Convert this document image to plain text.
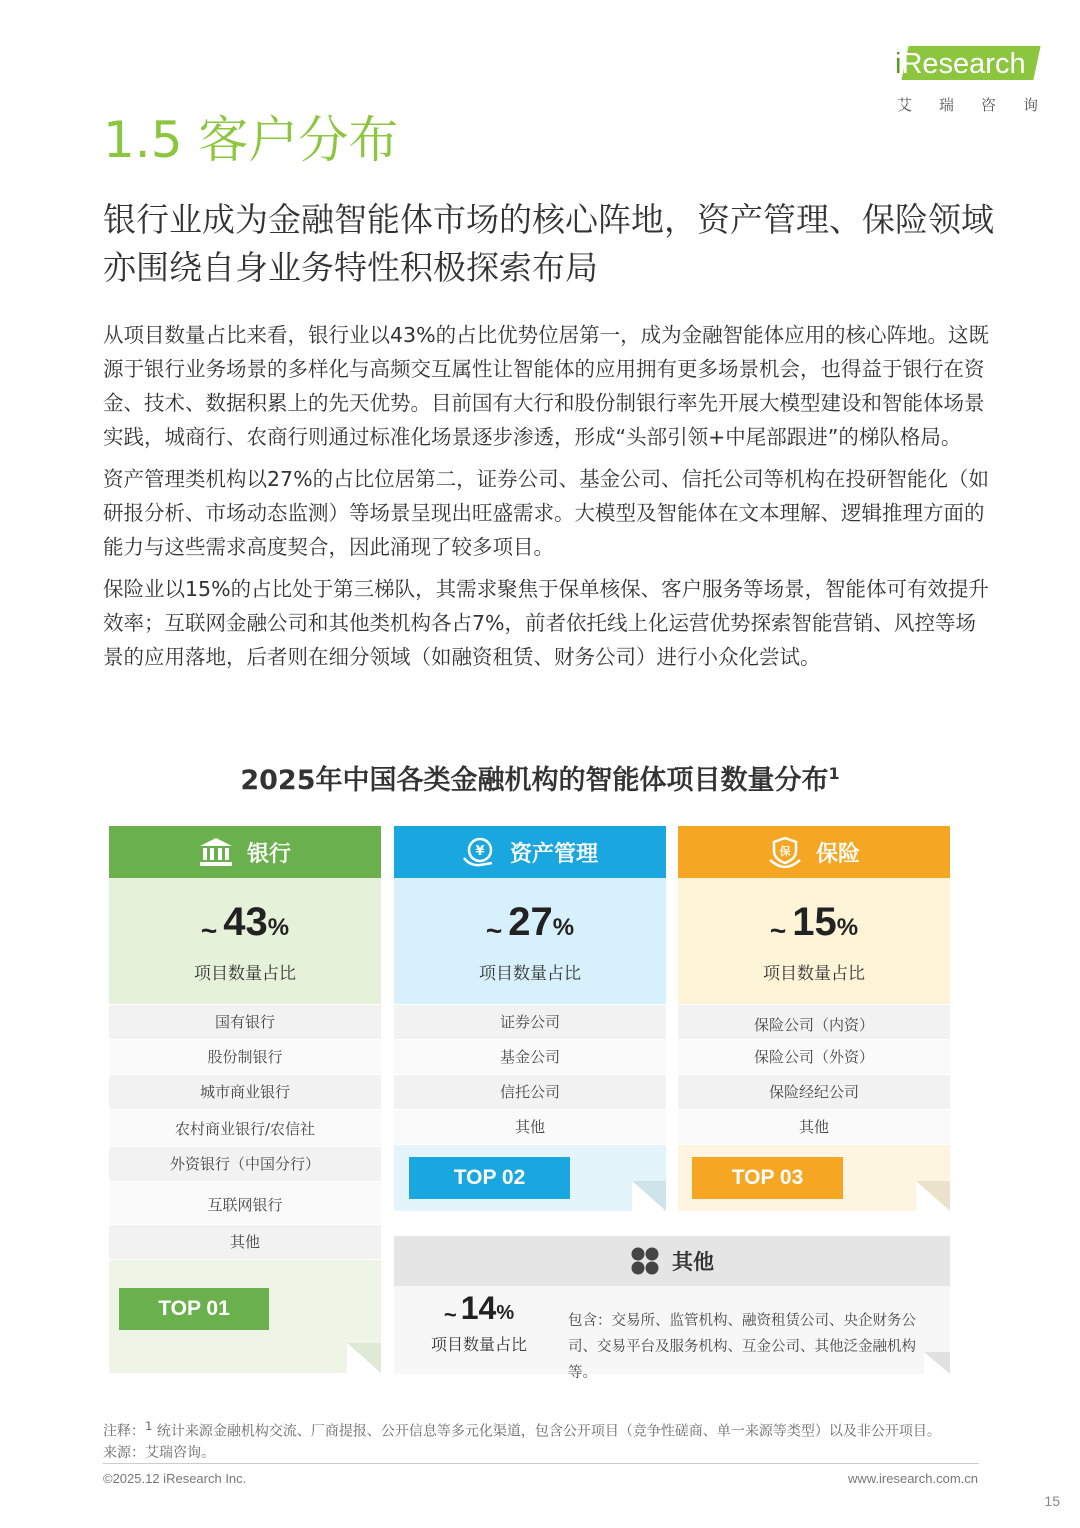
iResearch
艾瑞咨询
1.5 客户分布
银行业成为金融智能体市场的核心阵地，资产管理、保险领域亦围绕自身业务特性积极探索布局

从项目数量占比来看，银行业以43%的占比优势位居第一，成为金融智能体应用的核心阵地。这既源于银行业务场景的多样化与高频交互属性让智能体的应用拥有更多场景机会，也得益于银行在资金、技术、数据积累上的先天优势。目前国有大行和股份制银行率先开展大模型建设和智能体场景实践，城商行、农商行则通过标准化场景逐步渗透，形成“头部引领+中尾部跟进”的梯队格局。

资产管理类机构以27%的占比位居第二，证券公司、基金公司、信托公司等机构在投研智能化（如研报分析、市场动态监测）等场景呈现出旺盛需求。大模型及智能体在文本理解、逻辑推理方面的能力与这些需求高度契合，因此涌现了较多项目。

保险业以15%的占比处于第三梯队，其需求聚焦于保单核保、客户服务等场景，智能体可有效提升效率；互联网金融公司和其他类机构各占7%，前者依托线上化运营优势探索智能营销、风控等场景的应用落地，后者则在细分领域（如融资租赁、财务公司）进行小众化尝试。

2025年中国各类金融机构的智能体项目数量分布$^1$
银行
~ 43%
项目数量占比
国有银行
股份制银行
城市商业银行
农村商业银行/农信社
外资银行（中国分行）
互联网银行
其他
TOP 01
¥ 资产管理
~ 27%
项目数量占比
证券公司
基金公司
信托公司
其他
TOP 02
保 保险
~ 15%
项目数量占比
保险公司（内资）
保险公司（外资）
保险经纪公司
其他
TOP 03
其他
~ 14%
项目数量占比
包含：交易所、监管机构、融资租赁公司、央企财务公司、交易平台及服务机构、互金公司、其他泛金融机构等。
注释：$^1$ 统计来源金融机构交流、厂商提报、公开信息等多元化渠道，包含公开项目（竞争性磋商、单一来源等类型）以及非公开项目。
来源：艾瑞咨询。
©2025.12 iResearch Inc.	www.iresearch.com.cn
15
